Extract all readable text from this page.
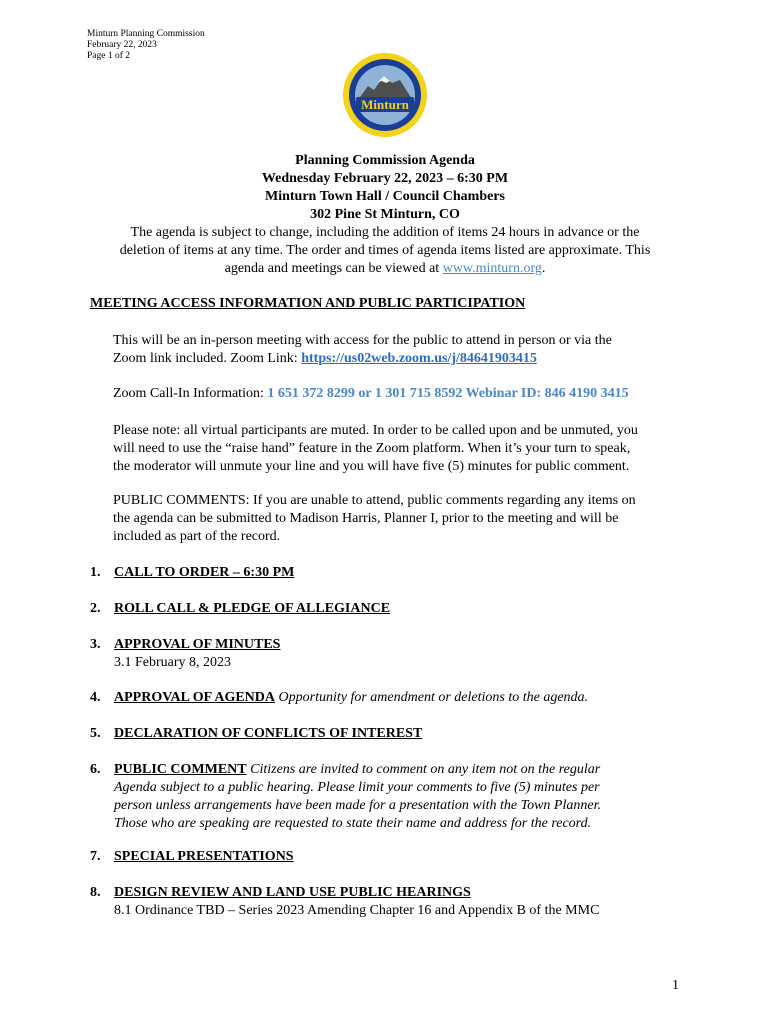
Minturn Planning Commission
February 22, 2023
Page 1 of 2
Minturn
Planning Commission Agenda
Wednesday February 22, 2023 – 6:30 PM
Minturn Town Hall / Council Chambers
302 Pine St Minturn, CO
The agenda is subject to change, including the addition of items 24 hours in advance or the
deletion of items at any time. The order and times of agenda items listed are approximate. This
agenda and meetings can be viewed at www.minturn.org.
MEETING ACCESS INFORMATION AND PUBLIC PARTICIPATION
This will be an in-person meeting with access for the public to attend in person or via the
Zoom link included. Zoom Link: https://us02web.zoom.us/j/84641903415
Zoom Call-In Information: 1 651 372 8299 or 1 301 715 8592 Webinar ID: 846 4190 3415
Please note: all virtual participants are muted. In order to be called upon and be unmuted, you
will need to use the “raise hand” feature in the Zoom platform. When it’s your turn to speak,
the moderator will unmute your line and you will have five (5) minutes for public comment.
PUBLIC COMMENTS: If you are unable to attend, public comments regarding any items on
the agenda can be submitted to Madison Harris, Planner I, prior to the meeting and will be
included as part of the record.
1. CALL TO ORDER – 6:30 PM
2. ROLL CALL & PLEDGE OF ALLEGIANCE
3. APPROVAL OF MINUTES
3.1 February 8, 2023
4. APPROVAL OF AGENDA Opportunity for amendment or deletions to the agenda.
5. DECLARATION OF CONFLICTS OF INTEREST
6. PUBLIC COMMENT Citizens are invited to comment on any item not on the regular
Agenda subject to a public hearing. Please limit your comments to five (5) minutes per
person unless arrangements have been made for a presentation with the Town Planner.
Those who are speaking are requested to state their name and address for the record.
7. SPECIAL PRESENTATIONS
8. DESIGN REVIEW AND LAND USE PUBLIC HEARINGS
8.1 Ordinance TBD – Series 2023 Amending Chapter 16 and Appendix B of the MMC
1
